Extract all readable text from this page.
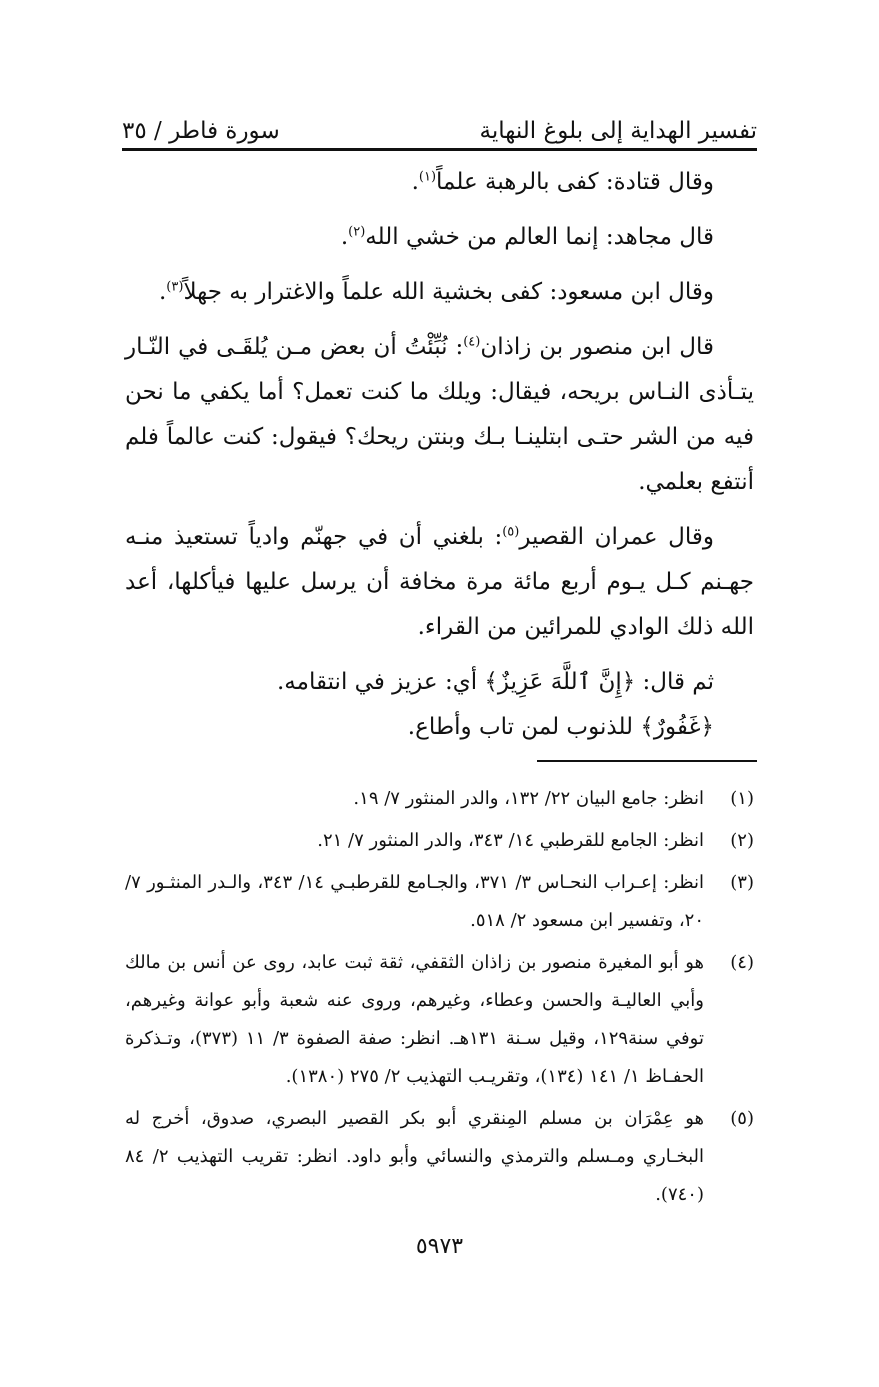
تفسير الهداية إلى بلوغ النهاية
سورة فاطر / ٣٥

وقال قتادة: كفى بالرهبة علماً$^{(١)}$.

قال مجاهد: إنما العالم من خشي الله$^{(٢)}$.

وقال ابن مسعود: كفى بخشية الله علماً والاغترار به جهلاً$^{(٣)}$.

قال ابن منصور بن زاذان$^{(٤)}$: نُبِّئْتُ أن بعض مـن يُلقَـى في النّـار يتـأذى النـاس بريحه، فيقال: ويلك ما كنت تعمل؟ أما يكفي ما نحن فيه من الشر حتـى ابتلينـا بـك وبنتن ريحك؟ فيقول: كنت عالماً فلم أنتفع بعلمي.

وقال عمران القصير$^{(٥)}$: بلغني أن في جهنّم وادياً تستعيذ منـه جهـنم كـل يـوم أربع مائة مرة مخافة أن يرسل عليها فيأكلها، أعد الله ذلك الوادي للمرائين من القراء.

ثم قال: ﴿إِنَّ ٱللَّهَ عَزِيزٌ﴾ أي: عزيز في انتقامه.

﴿غَفُورٌ﴾ للذنوب لمن تاب وأطاع.

(١)
انظر: جامع البيان ٢٢/ ١٣٢، والدر المنثور ٧/ ١٩.
(٢)
انظر: الجامع للقرطبي ١٤/ ٣٤٣، والدر المنثور ٧/ ٢١.
(٣)
انظر: إعـراب النحـاس ٣/ ٣٧١، والجـامع للقرطبـي ١٤/ ٣٤٣، والـدر المنثـور ٧/ ٢٠، وتفسير ابن مسعود ٢/ ٥١٨.
(٤)
هو أبو المغيرة منصور بن زاذان الثقفي، ثقة ثبت عابد، روى عن أنس بن مالك وأبي العاليـة والحسن وعطاء، وغيرهم، وروى عنه شعبة وأبو عوانة وغيرهم، توفي سنة١٢٩، وقيل سـنة ١٣١هـ. انظر: صفة الصفوة ٣/ ١١ (٣٧٣)، وتـذكرة الحفـاظ ١/ ١٤١ (١٣٤)، وتقريـب التهذيب ٢/ ٢٧٥ (١٣٨٠).
(٥)
هو عِمْرَان بن مسلم المِنقري أبو بكر القصير البصري، صدوق، أخرج له البخـاري ومـسلم والترمذي والنسائي وأبو داود. انظر: تقريب التهذيب ٢/ ٨٤ (٧٤٠).
٥٩٧٣
